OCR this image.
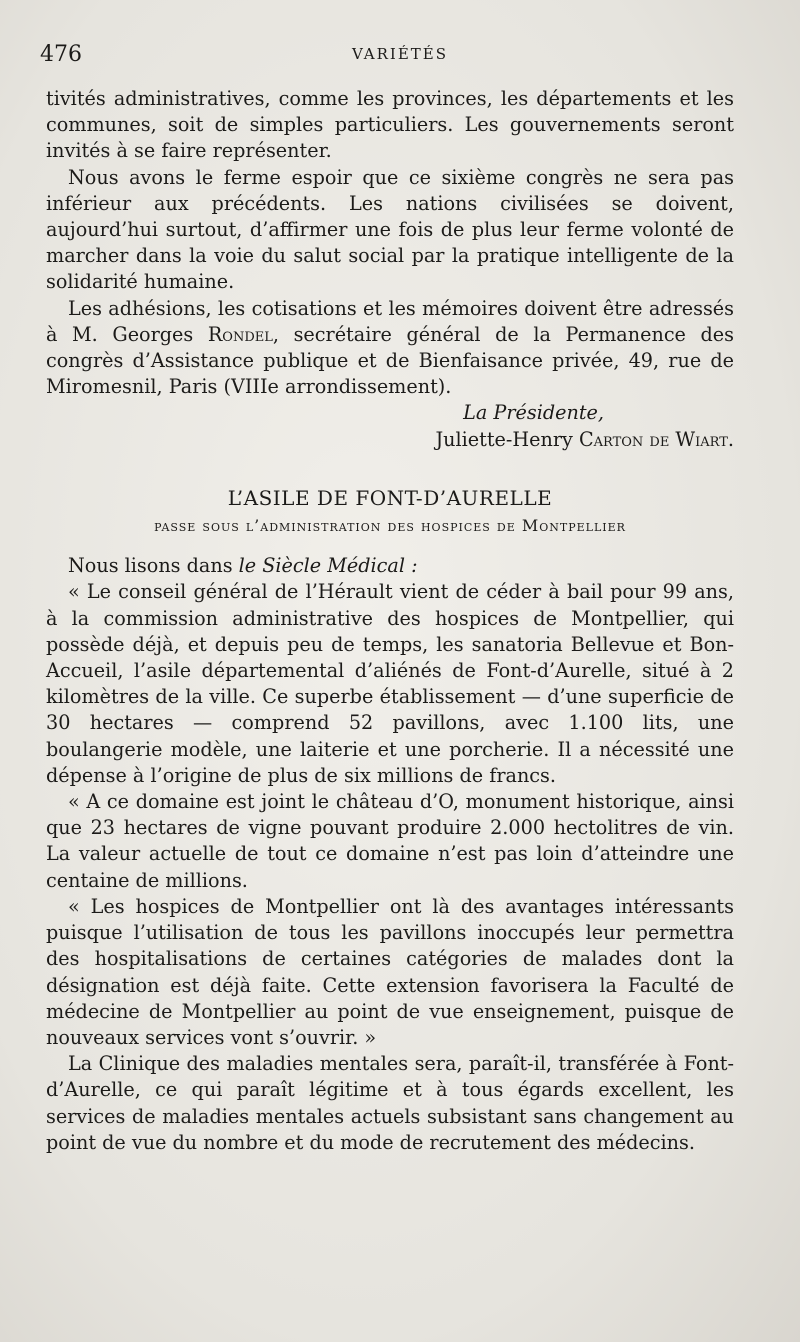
476	VARIÉTÉS

tivités administratives, comme les provinces, les départements et les communes, soit de simples particuliers. Les gouvernements seront invités à se faire représenter.

Nous avons le ferme espoir que ce sixième congrès ne sera pas inférieur aux précédents. Les nations civilisées se doivent, aujourd’hui surtout, d’affirmer une fois de plus leur ferme volonté de marcher dans la voie du salut social par la pratique intelligente de la solidarité humaine.

Les adhésions, les cotisations et les mémoires doivent être adressés à M. Georges Rondel, secrétaire général de la Permanence des congrès d’Assistance publique et de Bienfaisance privée, 49, rue de Miromesnil, Paris (VIIIe arrondissement).

La Présidente,

Juliette-Henry Carton de Wiart.

L’ASILE DE FONT-D’AURELLE
passe sous l’administration des hospices de Montpellier

Nous lisons dans le Siècle Médical :

« Le conseil général de l’Hérault vient de céder à bail pour 99 ans, à la commission administrative des hospices de Montpellier, qui possède déjà, et depuis peu de temps, les sanatoria Bellevue et Bon-Accueil, l’asile départemental d’aliénés de Font-d’Aurelle, situé à 2 kilomètres de la ville. Ce superbe établissement — d’une superficie de 30 hectares — comprend 52 pavillons, avec 1.100 lits, une boulangerie modèle, une laiterie et une porcherie. Il a nécessité une dépense à l’origine de plus de six millions de francs.

« A ce domaine est joint le château d’O, monument historique, ainsi que 23 hectares de vigne pouvant produire 2.000 hectolitres de vin. La valeur actuelle de tout ce domaine n’est pas loin d’atteindre une centaine de millions.

« Les hospices de Montpellier ont là des avantages intéressants puisque l’utilisation de tous les pavillons inoccupés leur permettra des hospitalisations de certaines catégories de malades dont la désignation est déjà faite. Cette extension favorisera la Faculté de médecine de Montpellier au point de vue enseignement, puisque de nouveaux services vont s’ouvrir. »

La Clinique des maladies mentales sera, paraît-il, transférée à Font-d’Aurelle, ce qui paraît légitime et à tous égards excellent, les services de maladies mentales actuels subsistant sans changement au point de vue du nombre et du mode de recrutement des médecins.
